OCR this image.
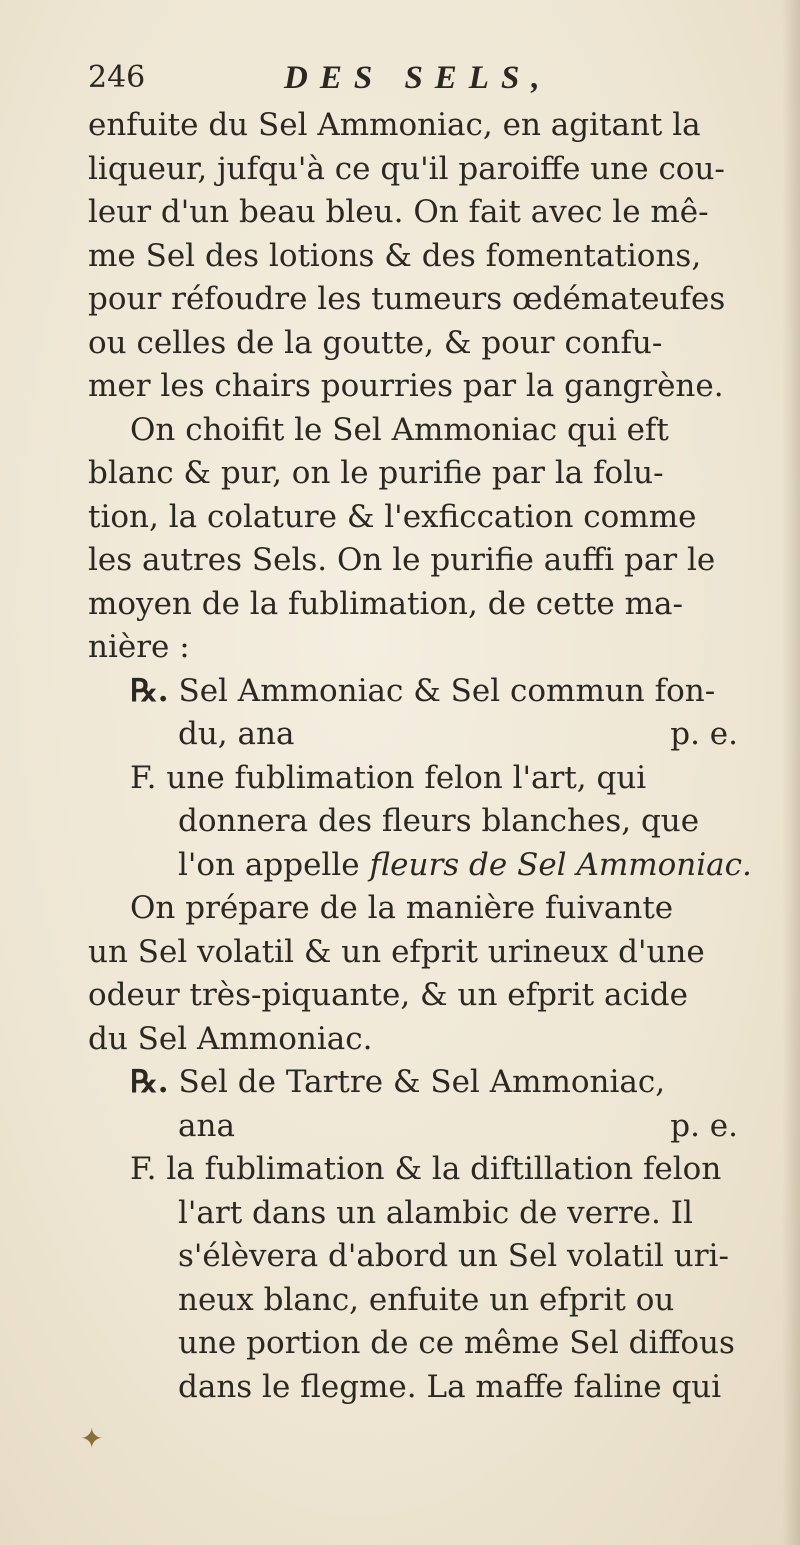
246	DES SELS,
enfuite du Sel Ammoniac, en agitant la
liqueur, jufqu'à ce qu'il paroiffe une cou-
leur d'un beau bleu. On fait avec le mê-
me Sel des lotions & des fomentations,
pour réfoudre les tumeurs œdémateufes
ou celles de la goutte, & pour confu-
mer les chairs pourries par la gangrène.
On choifit le Sel Ammoniac qui eft
blanc & pur, on le purifie par la folu-
tion, la colature & l'exficcation comme
les autres Sels. On le purifie auffi par le
moyen de la fublimation, de cette ma-
nière :
℞. Sel Ammoniac & Sel commun fon-
du, ana	p. e.
F. une fublimation felon l'art, qui
donnera des fleurs blanches, que
l'on appelle fleurs de Sel Ammoniac.
On prépare de la manière fuivante
un Sel volatil & un efprit urineux d'une
odeur très-piquante, & un efprit acide
du Sel Ammoniac.
℞. Sel de Tartre & Sel Ammoniac,
ana	p. e.
F. la fublimation & la diftillation felon
l'art dans un alambic de verre. Il
s'élèvera d'abord un Sel volatil uri-
neux blanc, enfuite un efprit ou
une portion de ce même Sel diffous
dans le flegme. La maffe faline qui
✦
